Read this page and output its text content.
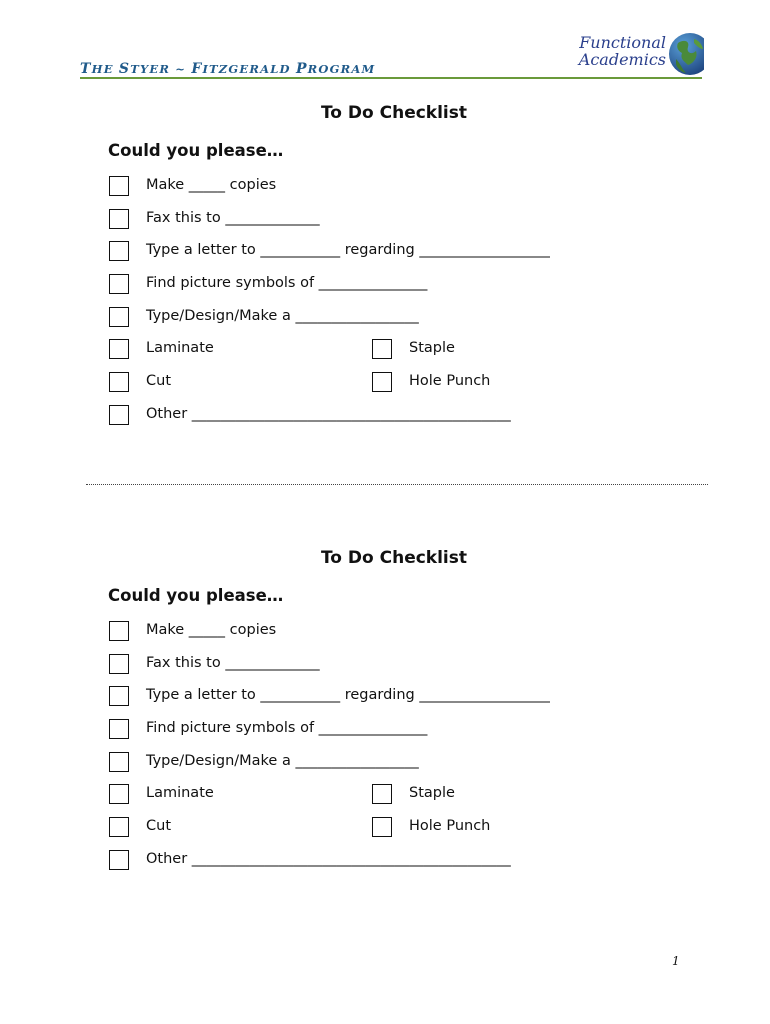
THE STYER ~ FITZGERALD PROGRAM
Functional
Academics
To Do Checklist
Could you please…
Make _____ copies
Fax this to _____________
Type a letter to ___________ regarding __________________
Find picture symbols of _______________
Type/Design/Make a _________________
Laminate	Staple
Cut	Hole Punch
Other ____________________________________________
To Do Checklist
Could you please…
Make _____ copies
Fax this to _____________
Type a letter to ___________ regarding __________________
Find picture symbols of _______________
Type/Design/Make a _________________
Laminate	Staple
Cut	Hole Punch
Other ____________________________________________
1
